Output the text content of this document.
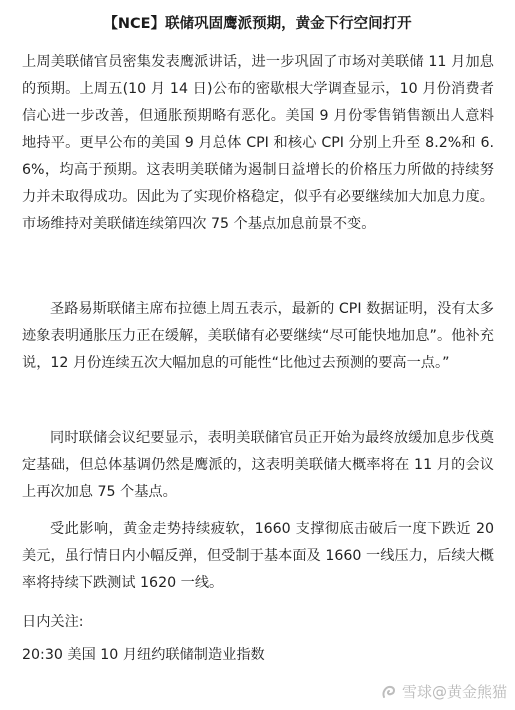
【NCE】联储巩固鹰派预期，黄金下行空间打开

上周美联储官员密集发表鹰派讲话，进一步巩固了市场对美联储 11 月加息的预期。上周五(10 月 14 日)公布的密歇根大学调查显示，10 月份消费者信心进一步改善，但通胀预期略有恶化。美国 9 月份零售销售额出人意料地持平。更早公布的美国 9 月总体 CPI 和核心 CPI 分别上升至 8.2%和 6.6%，均高于预期。这表明美联储为遏制日益增长的价格压力所做的持续努力并未取得成功。因此为了实现价格稳定，似乎有必要继续加大加息力度。市场维持对美联储连续第四次 75 个基点加息前景不变。

圣路易斯联储主席布拉德上周五表示，最新的 CPI 数据证明，没有太多迹象表明通胀压力正在缓解，美联储有必要继续“尽可能快地加息”。他补充说，12 月份连续五次大幅加息的可能性“比他过去预测的要高一点。”

同时联储会议纪要显示，表明美联储官员正开始为最终放缓加息步伐奠定基础，但总体基调仍然是鹰派的，这表明美联储大概率将在 11 月的会议上再次加息 75 个基点。

受此影响，黄金走势持续疲软，1660 支撑彻底击破后一度下跌近 20 美元，虽行情日内小幅反弹，但受制于基本面及 1660 一线压力，后续大概率将持续下跌测试 1620 一线。

日内关注:
20:30 美国 10 月纽约联储制造业指数
雪球@黄金熊猫
